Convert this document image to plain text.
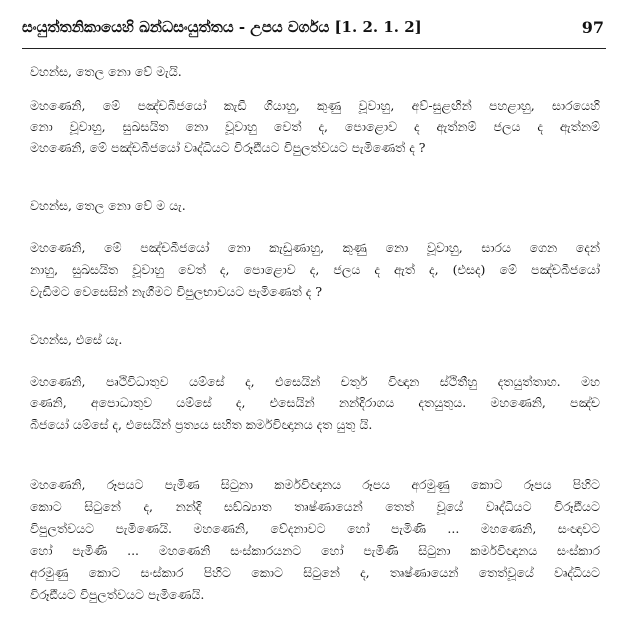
සංයුත්තනිකායෙහි ඛන්ධසංයුත්තය - උපය වර්ගය [1. 2. 1. 2]	97
වහන්ස, තෙල නො වේ මැයි.
මහණෙනි, මේ පඤ්චබීජයෝ කැඩී ගියාහු, කුණු වූවාහු, අව්-සුළඟින් පහළාහු, සාරයෙහි
නො වූවාහු, සුඛසයිත නො වූවාහු වෙත් ද, පොළොව ද ඇත්නම් ජලය ද ඇත්නම්
මහණෙනි, මේ පඤ්චබීජයෝ වෘද්ධියට විරූඪියට විපුලත්වයට පැමිණෙත් ද ?
වහන්ස, තෙල නො වේ ම යැ.
මහණෙනි, මේ පඤ්චබීජයෝ නො කැඩුණාහු, කුණු නො වූවාහු, සාරය ගෙන දෙන්
නාහු, සුඛසයිත වූවාහු වෙත් ද, පොළොව ද, ජලය ද ඇත් ද, (එසද) මේ පඤ්චබීජයෝ
වැඩීමට වෙසෙසින් නැගීමට විපුලභාවයට පැමිණෙත් ද ?
වහන්ස, එසේ යැ.
මහණෙනි, පෘථිවිධාතුව යම්සේ ද, එසෙයින් චතුර් විඥාන ස්ථිතීහු දතයුත්තාහ. මහ
ණෙනි, අපොධාතුව යම්සේ ද, එසෙයින් නන්දිරාගය දතයුතුය. මහණෙනි, පඤ්ච
බීජයෝ යම්සේ ද, එසෙයින් ප්‍රත්‍යය සහිත කර්මවිඥානය දත යුතු යි.
මහණෙනි, රූපයට පැමිණ සිටුනා කර්මවිඥානය රූපය අරමුණු කොට රූපය පිහිට
කොට සිටුනේ ද, නන්දි සඞ්ඛ්‍යාත තෘෂ්ණායෙන් තෙත් වූයේ වෘද්ධියට විරූඪියට
විපුලත්වයට පැමිණෙයි. මහණෙනි, වේදනාවට හෝ පැමිණි ... මහණෙනි, සංඥාවට
හෝ පැමිණි ... මහණෙනි සංස්කාරයනට හෝ පැමිණි සිටුනා කර්මවිඥානය සංස්කාර
අරමුණු කොට සංස්කාර පිහිට කොට සිටුනේ ද, තෘෂ්ණායෙන් තෙත්වූයේ වෘද්ධියට
විරූඪියට විපුලත්වයට පැමිණෙයි.
